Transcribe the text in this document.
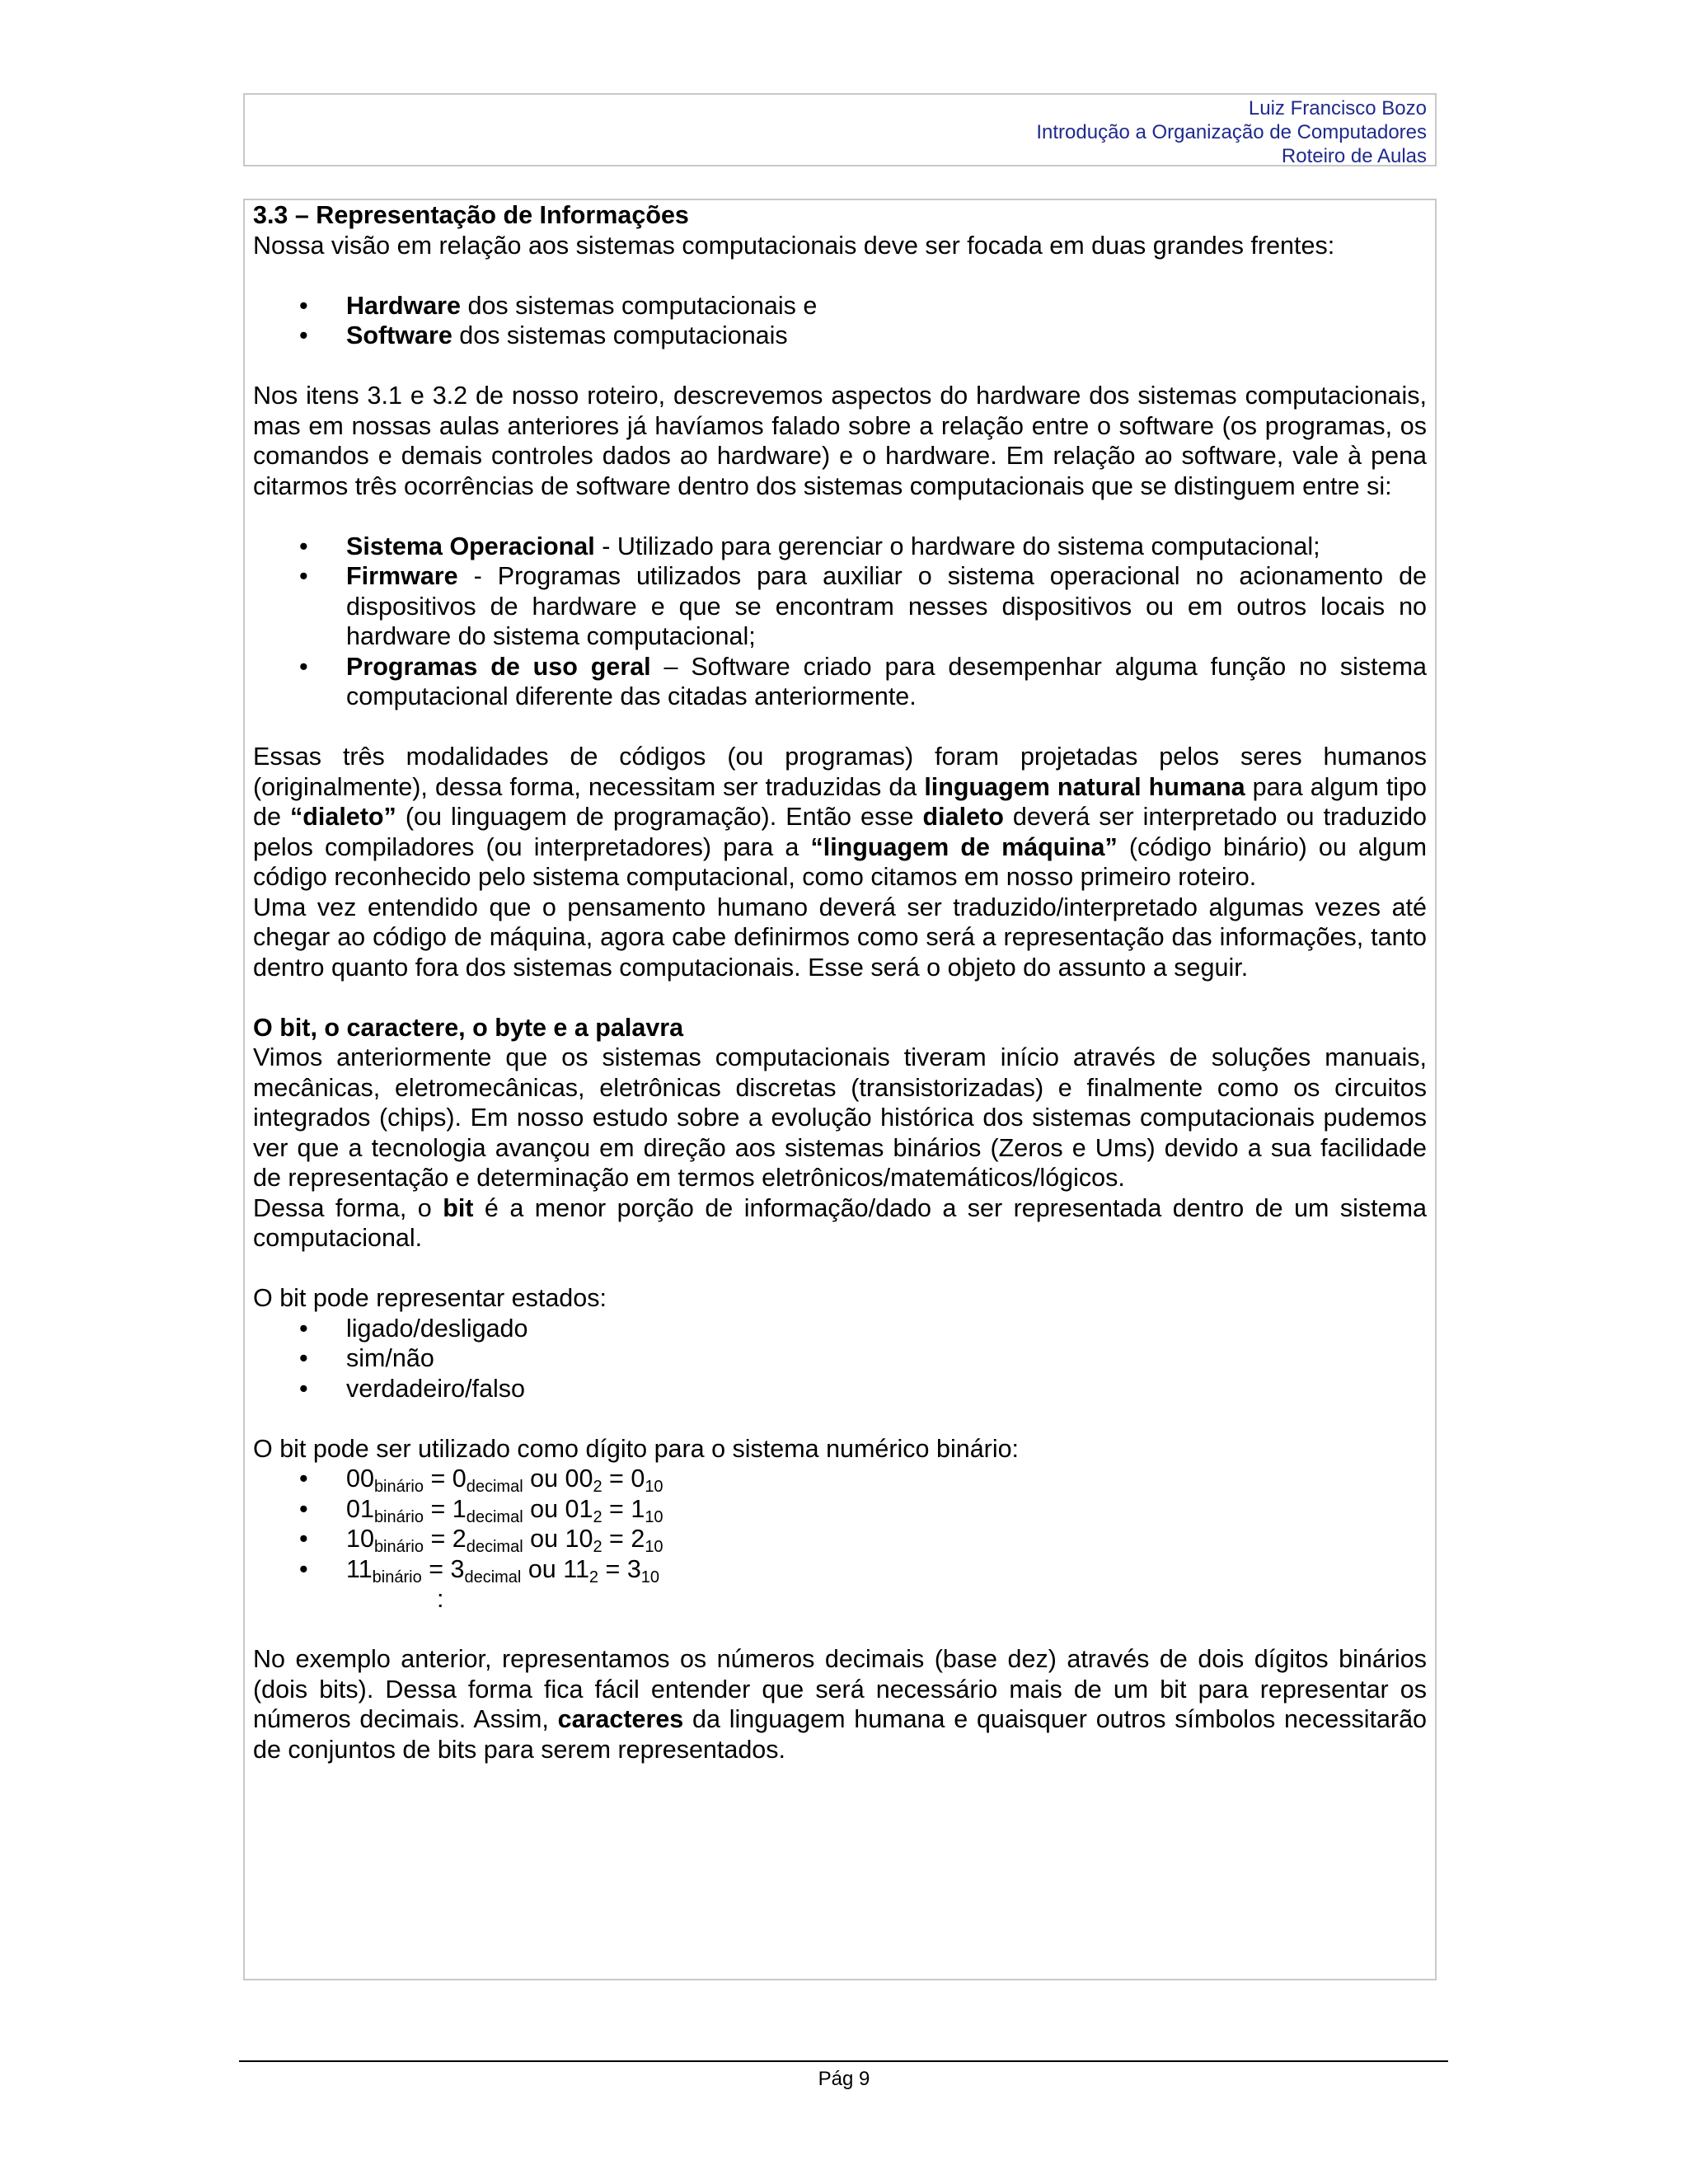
Luiz Francisco Bozo
Introdução a Organização de Computadores
Roteiro de Aulas

3.3 – Representação de Informações

Nossa visão em relação aos sistemas computacionais deve ser focada em duas grandes frentes:

• Hardware dos sistemas computacionais e
• Software dos sistemas computacionais

Nos itens 3.1 e 3.2 de nosso roteiro, descrevemos aspectos do hardware dos sistemas computacionais, mas em nossas aulas anteriores já havíamos falado sobre a relação entre o software (os programas, os comandos e demais controles dados ao hardware) e o hardware. Em relação ao software, vale à pena citarmos três ocorrências de software dentro dos sistemas computacionais que se distinguem entre si:

• Sistema Operacional - Utilizado para gerenciar o hardware do sistema computacional;
• Firmware - Programas utilizados para auxiliar o sistema operacional no acionamento de dispositivos de hardware e que se encontram nesses dispositivos ou em outros locais no hardware do sistema computacional;
• Programas de uso geral – Software criado para desempenhar alguma função no sistema computacional diferente das citadas anteriormente.

Essas três modalidades de códigos (ou programas) foram projetadas pelos seres humanos (originalmente), dessa forma, necessitam ser traduzidas da linguagem natural humana para algum tipo de “dialeto” (ou linguagem de programação). Então esse dialeto deverá ser interpretado ou traduzido pelos compiladores (ou interpretadores) para a “linguagem de máquina” (código binário) ou algum código reconhecido pelo sistema computacional, como citamos em nosso primeiro roteiro.

Uma vez entendido que o pensamento humano deverá ser traduzido/interpretado algumas vezes até chegar ao código de máquina, agora cabe definirmos como será a representação das informações, tanto dentro quanto fora dos sistemas computacionais. Esse será o objeto do assunto a seguir.

O bit, o caractere, o byte e a palavra

Vimos anteriormente que os sistemas computacionais tiveram início através de soluções manuais, mecânicas, eletromecânicas, eletrônicas discretas (transistorizadas) e finalmente como os circuitos integrados (chips). Em nosso estudo sobre a evolução histórica dos sistemas computacionais pudemos ver que a tecnologia avançou em direção aos sistemas binários (Zeros e Ums) devido a sua facilidade de representação e determinação em termos eletrônicos/matemáticos/lógicos.

Dessa forma, o bit é a menor porção de informação/dado a ser representada dentro de um sistema computacional.

O bit pode representar estados:

• ligado/desligado
• sim/não
• verdadeiro/falso

O bit pode ser utilizado como dígito para o sistema numérico binário:

• $00_{binário} = 0_{decimal}$ ou $00_2 = 0_{10}$
• $01_{binário} = 1_{decimal}$ ou $01_2 = 1_{10}$
• $10_{binário} = 2_{decimal}$ ou $10_2 = 2_{10}$
• $11_{binário} = 3_{decimal}$ ou $11_2 = 3_{10}$

:

No exemplo anterior, representamos os números decimais (base dez) através de dois dígitos binários (dois bits). Dessa forma fica fácil entender que será necessário mais de um bit para representar os números decimais. Assim, caracteres da linguagem humana e quaisquer outros símbolos necessitarão de conjuntos de bits para serem representados.

Pág 9
